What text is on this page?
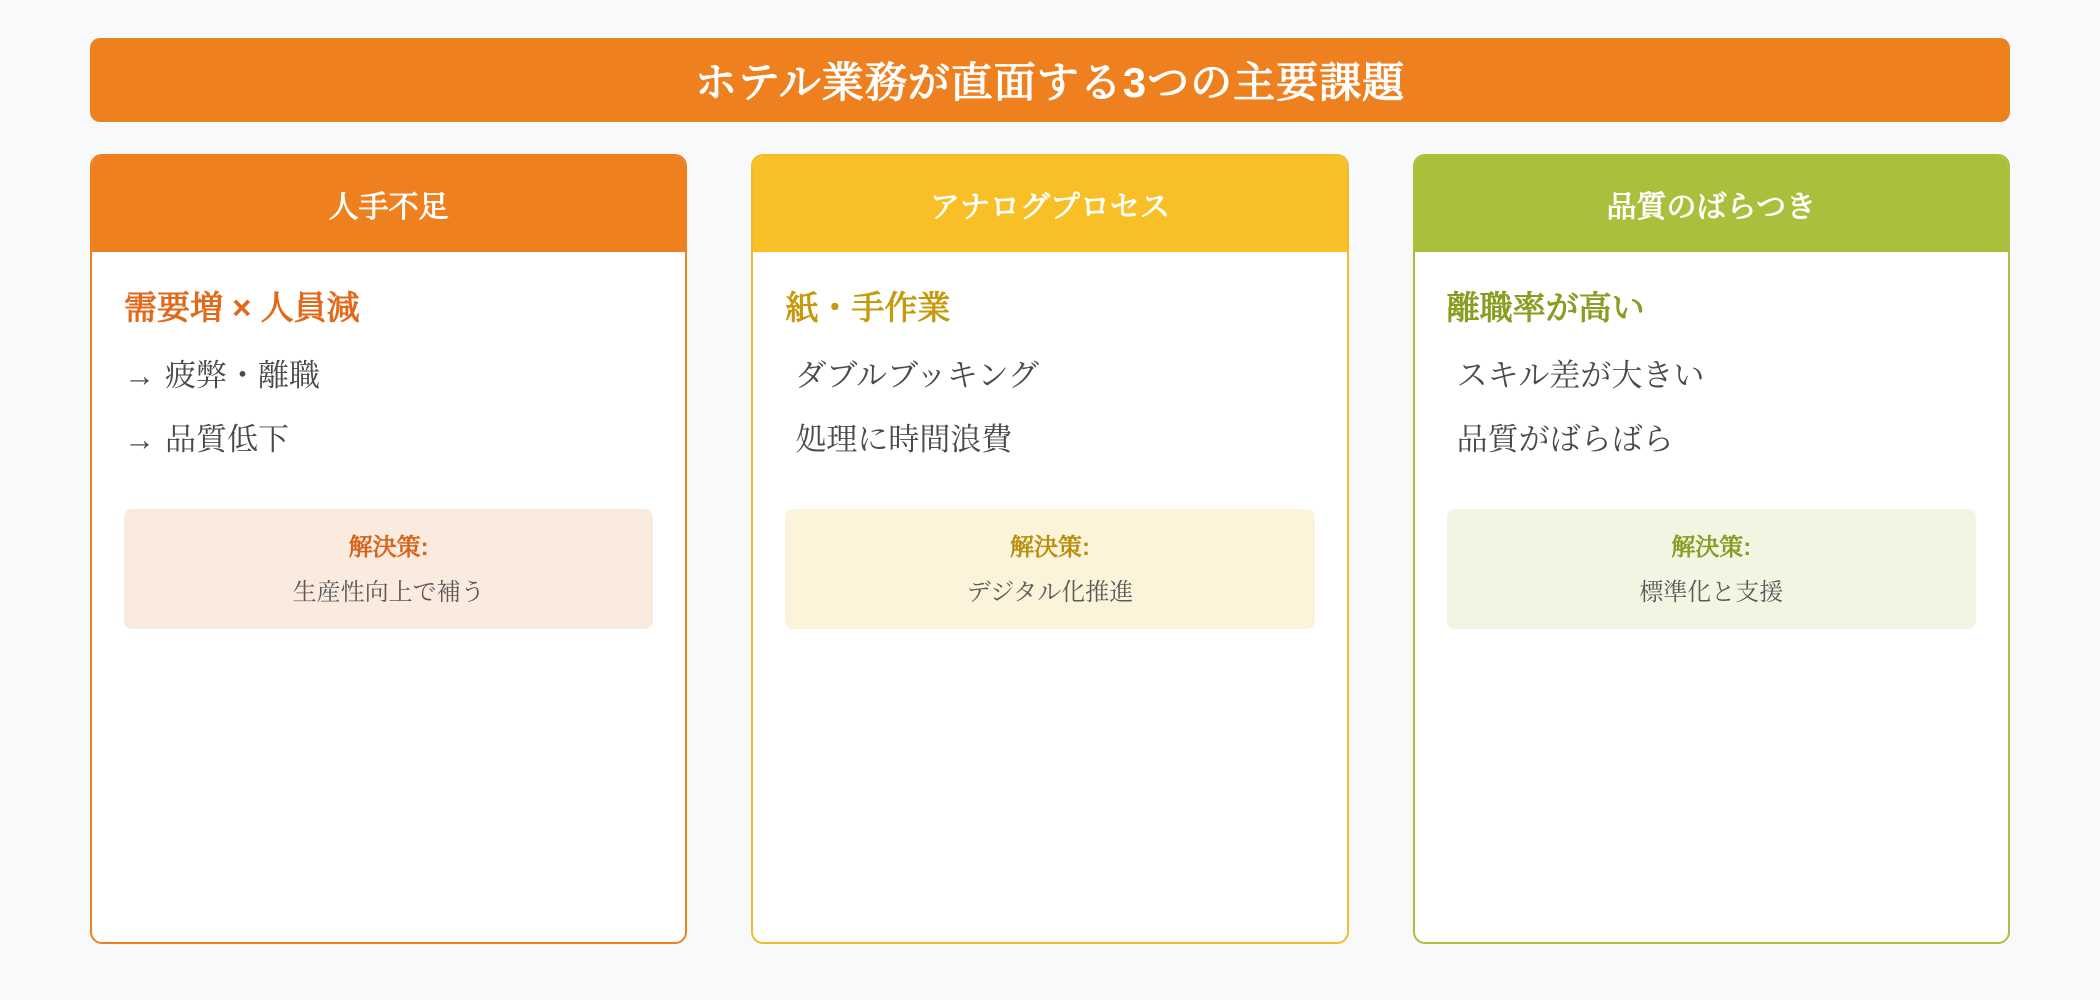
ホテル業務が直面する3つの主要課題
人手不足
需要増 × 人員減
→ 疲弊・離職
→ 品質低下
解決策:
生産性向上で補う
アナログプロセス
紙・手作業
ダブルブッキング
処理に時間浪費
解決策:
デジタル化推進
品質のばらつき
離職率が高い
スキル差が大きい
品質がばらばら
解決策:
標準化と支援
